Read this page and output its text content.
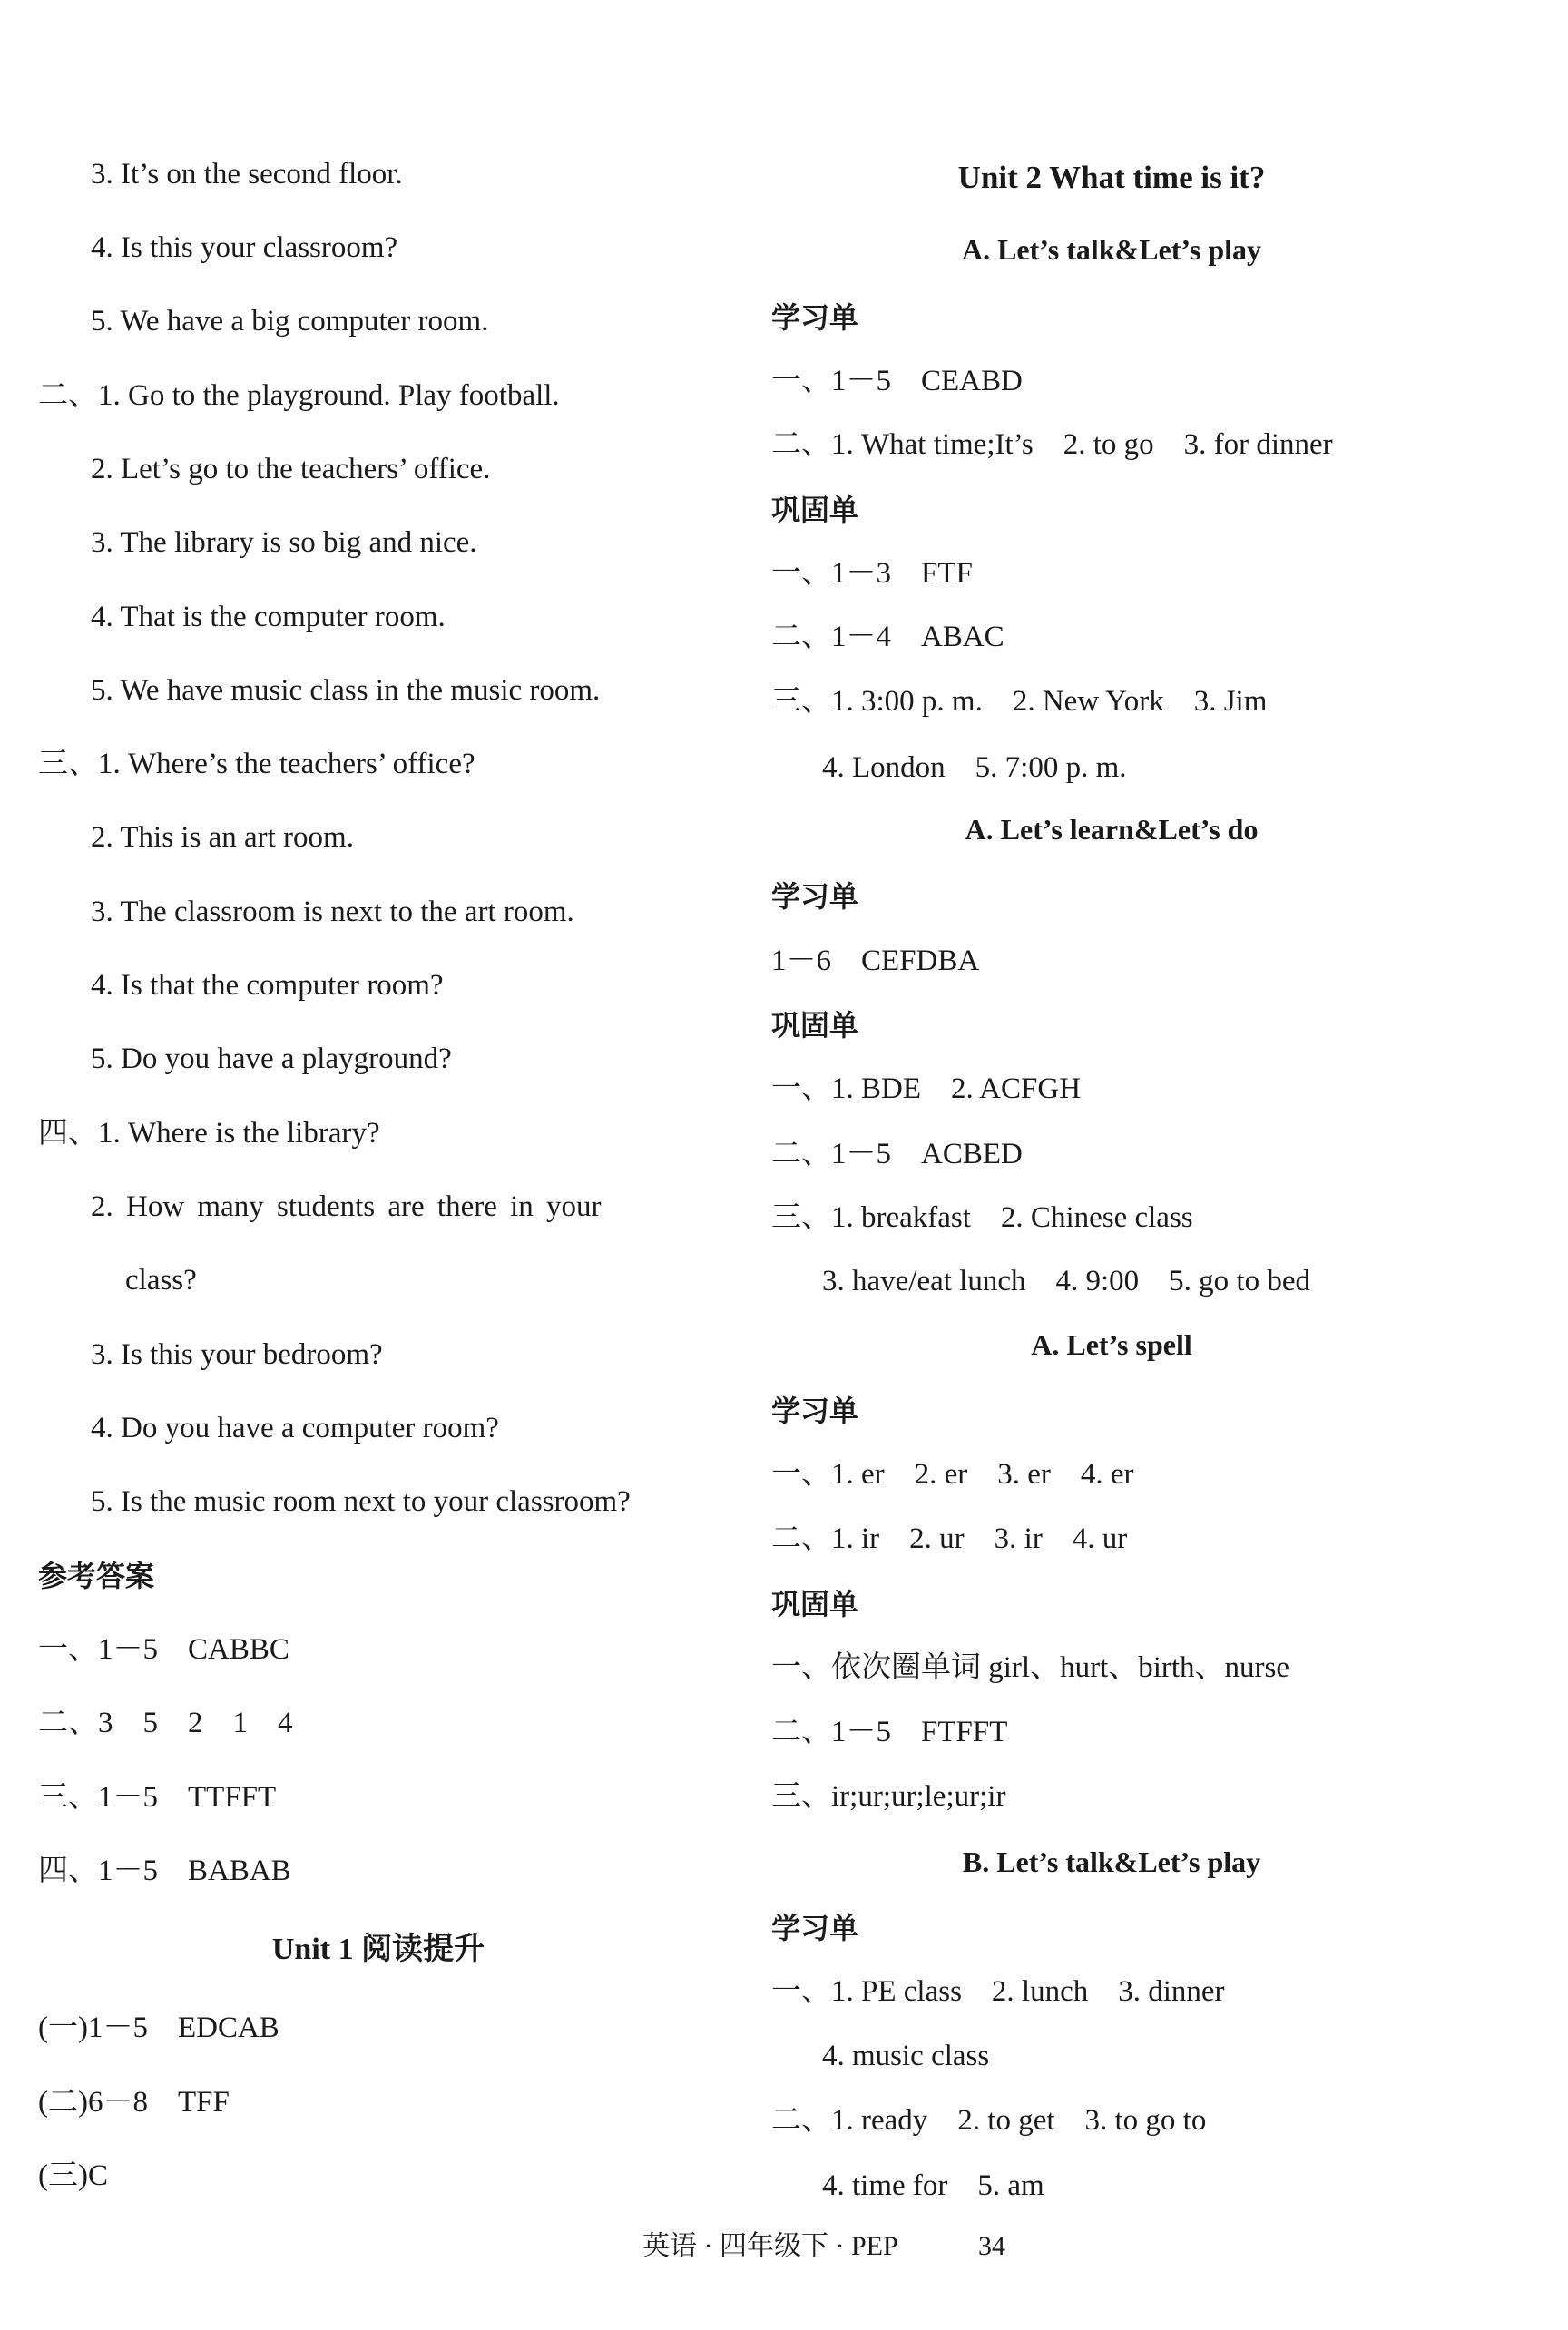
3. It’s on the second floor.
4. Is this your classroom?
5. We have a big computer room.
二、1. Go to the playground. Play football.
2. Let’s go to the teachers’ office.
3. The library is so big and nice.
4. That is the computer room.
5. We have music class in the music room.
三、1. Where’s the teachers’ office?
2. This is an art room.
3. The classroom is next to the art room.
4. Is that the computer room?
5. Do you have a playground?
四、1. Where is the library?
2. How many students are there in your
class?
3. Is this your bedroom?
4. Do you have a computer room?
5. Is the music room next to your classroom?
参考答案
一、1－5　CABBC
二、3　5　2　1　4
三、1－5　TTFFT
四、1－5　BABAB
Unit 1 阅读提升
(一)1－5　EDCAB
(二)6－8　TFF
(三)C
Unit 2 What time is it?
A. Let’s talk&Let’s play
学习单
一、1－5　CEABD
二、1. What time;It’s　2. to go　3. for dinner
巩固单
一、1－3　FTF
二、1－4　ABAC
三、1. 3:00 p. m.　2. New York　3. Jim
4. London　5. 7:00 p. m.
A. Let’s learn&Let’s do
学习单
1－6　CEFDBA
巩固单
一、1. BDE　2. ACFGH
二、1－5　ACBED
三、1. breakfast　2. Chinese class
3. have/eat lunch　4. 9:00　5. go to bed
A. Let’s spell
学习单
一、1. er　2. er　3. er　4. er
二、1. ir　2. ur　3. ir　4. ur
巩固单
一、依次圈单词 girl、hurt、birth、nurse
二、1－5　FTFFT
三、ir;ur;ur;le;ur;ir
B. Let’s talk&Let’s play
学习单
一、1. PE class　2. lunch　3. dinner
4. music class
二、1. ready　2. to get　3. to go to
4. time for　5. am
英语 · 四年级下 · PEP	34
